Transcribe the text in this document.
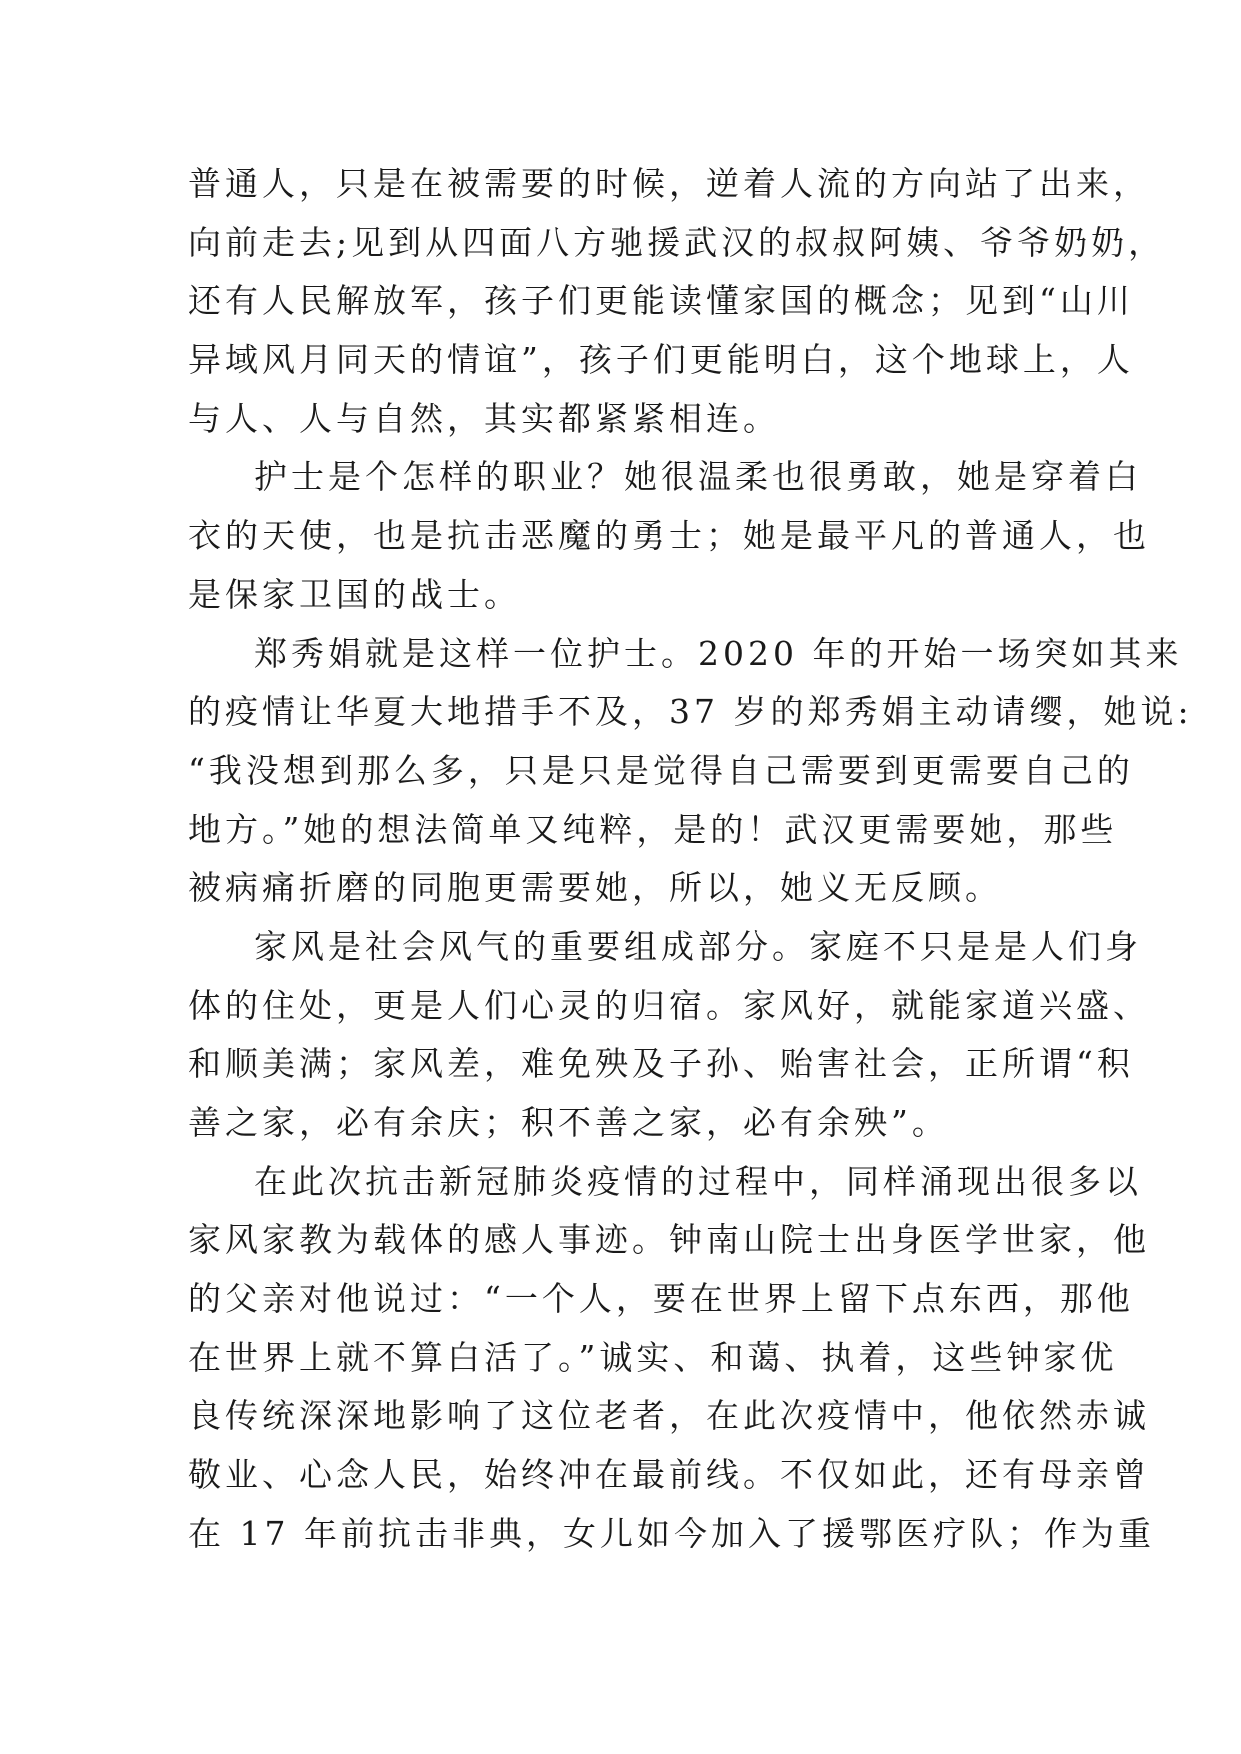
普通人，只是在被需要的时候，逆着人流的方向站了出来，
向前走去;见到从四面八方驰援武汉的叔叔阿姨、爷爷奶奶，
还有人民解放军，孩子们更能读懂家国的概念；见到“山川
异域风月同天的情谊”，孩子们更能明白，这个地球上，人
与人、人与自然，其实都紧紧相连。
护士是个怎样的职业？她很温柔也很勇敢，她是穿着白
衣的天使，也是抗击恶魔的勇士；她是最平凡的普通人，也
是保家卫国的战士。
郑秀娟就是这样一位护士。2020 年的开始一场突如其来
的疫情让华夏大地措手不及，37 岁的郑秀娟主动请缨，她说:
“我没想到那么多，只是只是觉得自己需要到更需要自己的
地方。”她的想法简单又纯粹，是的！武汉更需要她，那些
被病痛折磨的同胞更需要她，所以，她义无反顾。
家风是社会风气的重要组成部分。家庭不只是是人们身
体的住处，更是人们心灵的归宿。家风好，就能家道兴盛、
和顺美满；家风差，难免殃及子孙、贻害社会，正所谓“积
善之家，必有余庆；积不善之家，必有余殃”。
在此次抗击新冠肺炎疫情的过程中，同样涌现出很多以
家风家教为载体的感人事迹。钟南山院士出身医学世家，他
的父亲对他说过：“一个人，要在世界上留下点东西，那他
在世界上就不算白活了。”诚实、和蔼、执着，这些钟家优
良传统深深地影响了这位老者，在此次疫情中，他依然赤诚
敬业、心念人民，始终冲在最前线。不仅如此，还有母亲曾
在 17 年前抗击非典，女儿如今加入了援鄂医疗队；作为重
